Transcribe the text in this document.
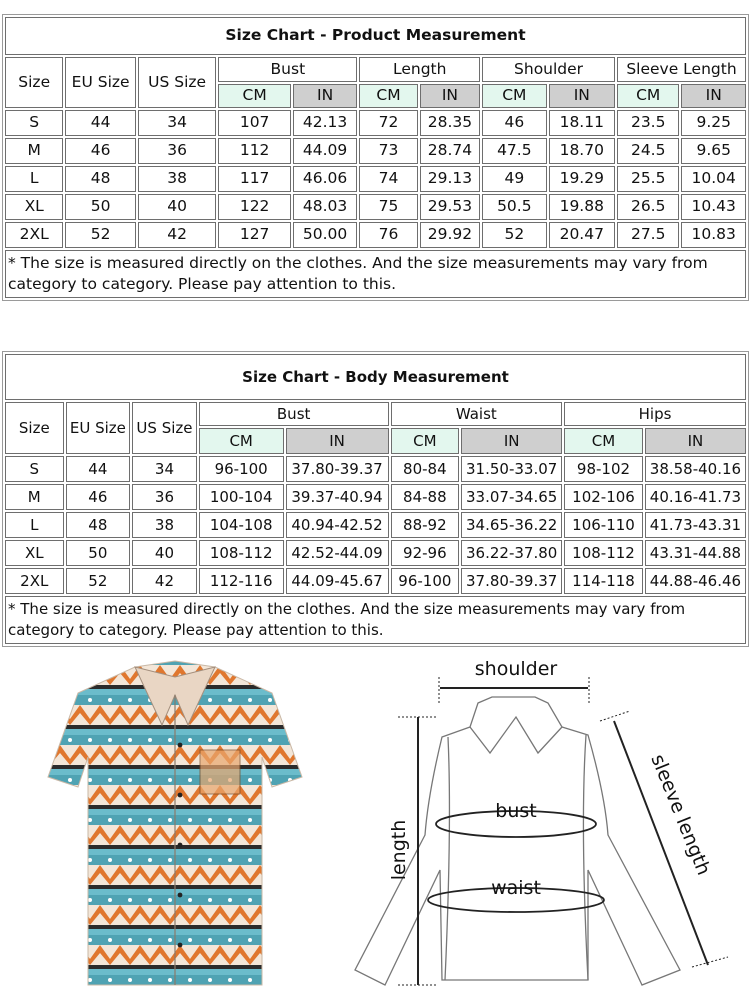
Size Chart - Product Measurement										
Size	EU Size	US Size	Bust		Length		Shoulder		Sleeve Length	
			CM	IN	CM	IN	CM	IN	CM	IN
S	44	34	107	42.13	72	28.35	46	18.11	23.5	9.25
M	46	36	112	44.09	73	28.74	47.5	18.70	24.5	9.65
L	48	38	117	46.06	74	29.13	49	19.29	25.5	10.04
XL	50	40	122	48.03	75	29.53	50.5	19.88	26.5	10.43
2XL	52	42	127	50.00	76	29.92	52	20.47	27.5	10.83
* The size is measured directly on the clothes. And the size measurements may vary from category to category. Please pay attention to this.										
Size Chart - Body Measurement								
Size	EU Size	US Size	Bust		Waist		Hips	
			CM	IN	CM	IN	CM	IN
S	44	34	96-100	37.80-39.37	80-84	31.50-33.07	98-102	38.58-40.16
M	46	36	100-104	39.37-40.94	84-88	33.07-34.65	102-106	40.16-41.73
L	48	38	104-108	40.94-42.52	88-92	34.65-36.22	106-110	41.73-43.31
XL	50	40	108-112	42.52-44.09	92-96	36.22-37.80	108-112	43.31-44.88
2XL	52	42	112-116	44.09-45.67	96-100	37.80-39.37	114-118	44.88-46.46
* The size is measured directly on the clothes. And the size measurements may vary from category to category. Please pay attention to this.								
shoulder
bust
waist
length	sleeve length
